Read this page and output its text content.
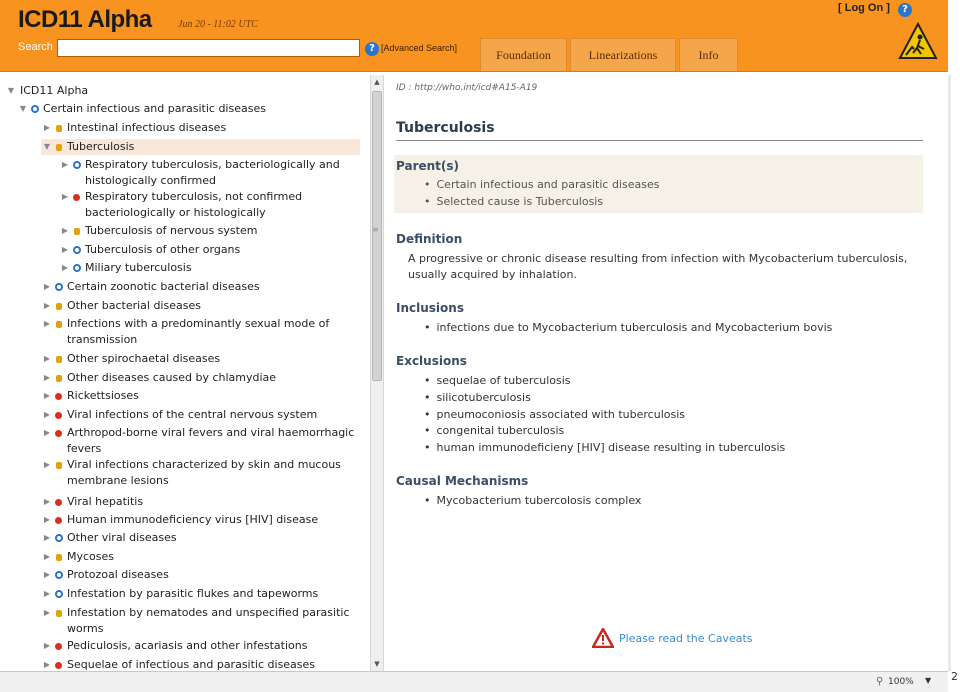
ICD11 Alpha	Jun 20 - 11:02 UTC
Search	? [Advanced Search]	Foundation	Linearizations	Info
[ Log On ]	?
▼ ICD11 Alpha
▼ Certain infectious and parasitic diseases
▶ Intestinal infectious diseases
▼ Tuberculosis
▶ Respiratory tuberculosis, bacteriologically and histologically confirmed
▶ Respiratory tuberculosis, not confirmed bacteriologically or histologically
▶ Tuberculosis of nervous system
▶ Tuberculosis of other organs
▶ Miliary tuberculosis
▶ Certain zoonotic bacterial diseases
▶ Other bacterial diseases
▶ Infections with a predominantly sexual mode of transmission
▶ Other spirochaetal diseases
▶ Other diseases caused by chlamydiae
▶ Rickettsioses
▶ Viral infections of the central nervous system
▶ Arthropod-borne viral fevers and viral haemorrhagic fevers
▶ Viral infections characterized by skin and mucous membrane lesions
▶ Viral hepatitis
▶ Human immunodeficiency virus [HIV] disease
▶ Other viral diseases
▶ Mycoses
▶ Protozoal diseases
▶ Infestation by parasitic flukes and tapeworms
▶ Infestation by nematodes and unspecified parasitic worms
▶ Pediculosis, acariasis and other infestations
▶ Sequelae of infectious and parasitic diseases
▲
▼
≡
ID : http://who.int/icd#A15-A19
Tuberculosis
Parent(s)
• Certain infectious and parasitic diseases
• Selected cause is Tuberculosis
Definition
A progressive or chronic disease resulting from infection with Mycobacterium tuberculosis, usually acquired by inhalation.
Inclusions
• infections due to Mycobacterium tuberculosis and Mycobacterium bovis
Exclusions
• sequelae of tuberculosis
• silicotuberculosis
• pneumoconiosis associated with tuberculosis
• congenital tuberculosis
• human immunodeficieny [HIV] disease resulting in tuberculosis
Causal Mechanisms
• Mycobacterium tubercolosis complex
Please read the Caveats
⚲ 100% ▼ 2
